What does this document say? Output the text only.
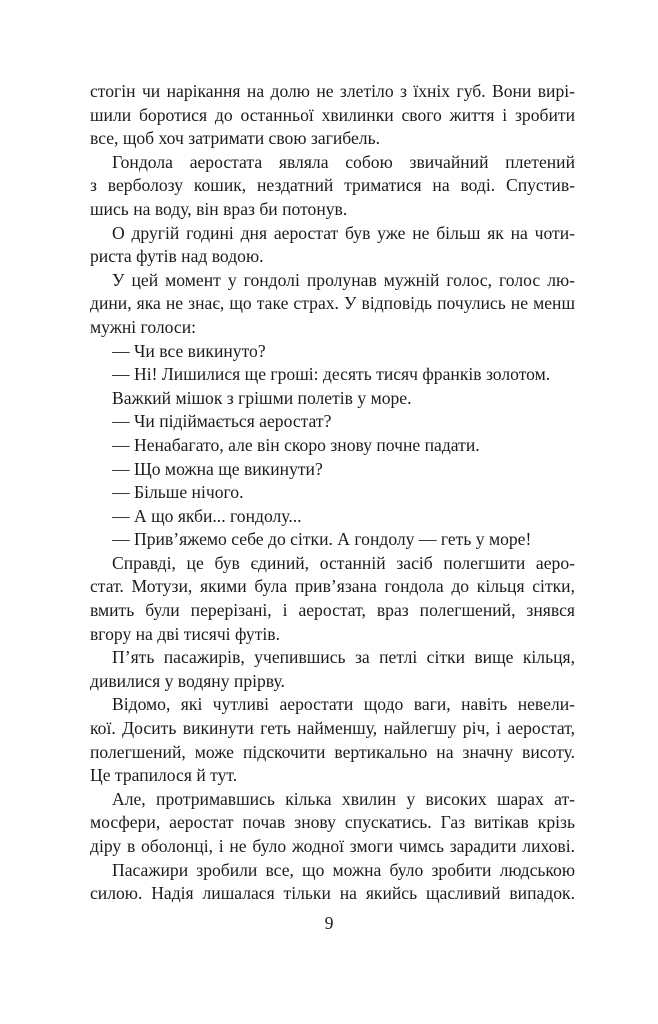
стогін чи нарікання на долю не злетіло з їхніх губ. Вони вирі-
шили боротися до останньої хвилинки свого життя і зробити
все, щоб хоч затримати свою загибель.
Гондола аеростата являла собою звичайний плетений
з верболозу кошик, нездатний триматися на воді. Спустив-
шись на воду, він враз би потонув.
О другій годині дня аеростат був уже не більш як на чоти-
риста футів над водою.
У цей момент у гондолі пролунав мужній голос, голос лю-
дини, яка не знає, що таке страх. У відповідь почулись не менш
мужні голоси:
— Чи все викинуто?
— Ні! Лишилися ще гроші: десять тисяч франків золотом.
Важкий мішок з грішми полетів у море.
— Чи підіймається аеростат?
— Ненабагато, але він скоро знову почне падати.
— Що можна ще викинути?
— Більше нічого.
— А що якби... гондолу...
— Прив’яжемо себе до сітки. А гондолу — геть у море!
Справді, це був єдиний, останній засіб полегшити аеро-
стат. Мотузи, якими була прив’язана гондола до кільця сітки,
вмить були перерізані, і аеростат, враз полегшений, знявся
вгору на дві тисячі футів.
П’ять пасажирів, учепившись за петлі сітки вище кільця,
дивилися у водяну прірву.
Відомо, які чутливі аеростати щодо ваги, навіть невели-
кої. Досить викинути геть найменшу, найлегшу річ, і аеростат,
полегшений, може підскочити вертикально на значну висоту.
Це трапилося й тут.
Але, протримавшись кілька хвилин у високих шарах ат-
мосфери, аеростат почав знову спускатись. Газ витікав крізь
діру в оболонці, і не було жодної змоги чимсь зарадити лихові.
Пасажири зробили все, що можна було зробити людською
силою. Надія лишалася тільки на якийсь щасливий випадок.
9
